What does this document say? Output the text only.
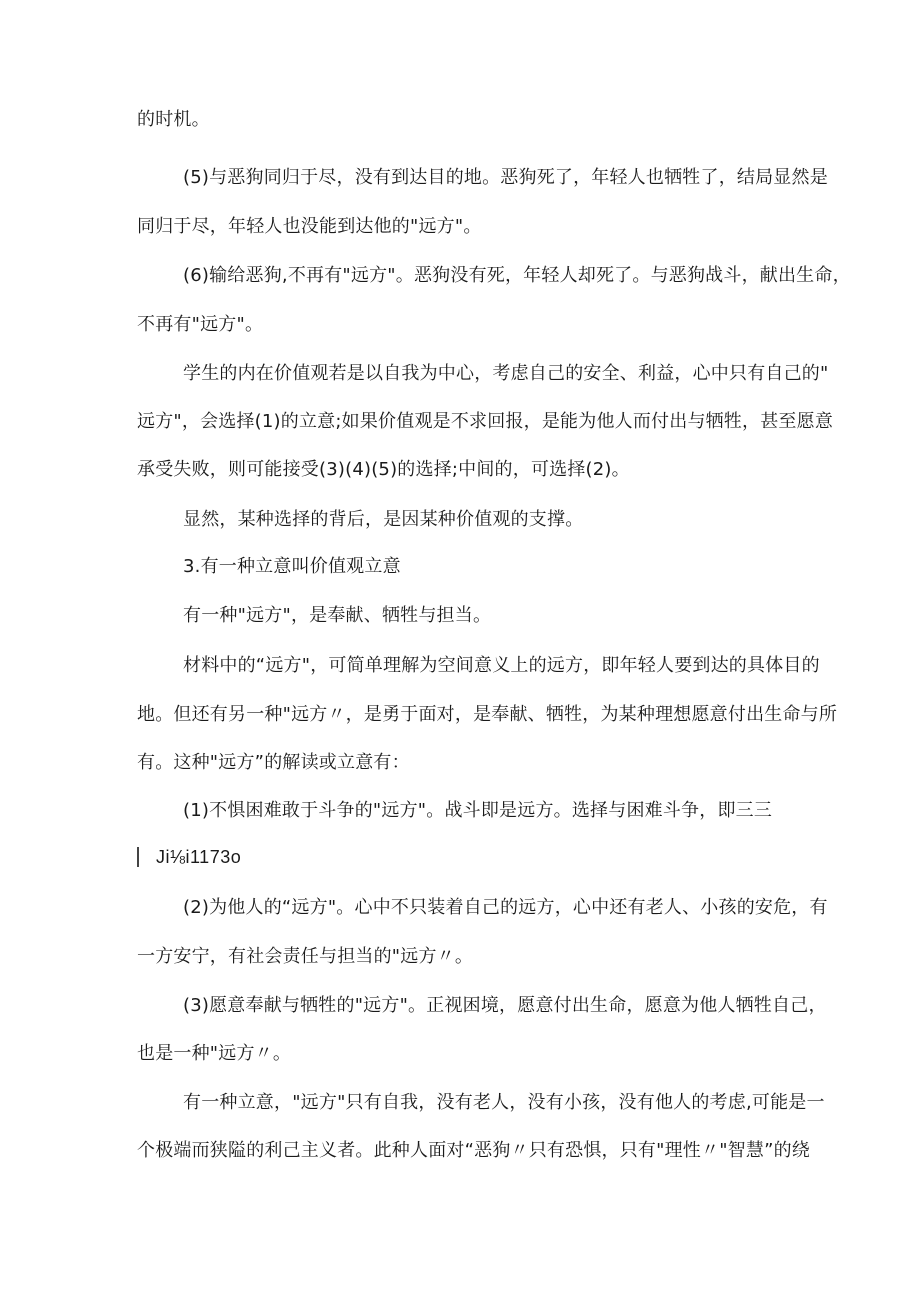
的时机。
(5)与恶狗同归于尽，没有到达目的地。恶狗死了，年轻人也牺牲了，结局显然是
同归于尽，年轻人也没能到达他的"远方"。
(6)输给恶狗,不再有"远方"。恶狗没有死，年轻人却死了。与恶狗战斗，献出生命，
不再有"远方"。
学生的内在价值观若是以自我为中心，考虑自己的安全、利益，心中只有自己的"
远方"，会选择(1)的立意;如果价值观是不求回报，是能为他人而付出与牺牲，甚至愿意
承受失败，则可能接受(3)(4)(5)的选择;中间的，可选择(2)。
显然，某种选择的背后，是因某种价值观的支撑。
3.有一种立意叫价值观立意
有一种"远方"，是奉献、牺牲与担当。
材料中的“远方"，可简单理解为空间意义上的远方，即年轻人要到达的具体目的
地。但还有另一种"远方〃，是勇于面对，是奉献、牺牲，为某种理想愿意付出生命与所
有。这种"远方”的解读或立意有：
(1)不惧困难敢于斗争的"远方"。战斗即是远方。选择与困难斗争，即三三
Ji⅛i1173o
(2)为他人的“远方"。心中不只装着自己的远方，心中还有老人、小孩的安危，有
一方安宁，有社会责任与担当的"远方〃。
(3)愿意奉献与牺牲的"远方"。正视困境，愿意付出生命，愿意为他人牺牲自己，
也是一种"远方〃。
有一种立意，"远方"只有自我，没有老人，没有小孩，没有他人的考虑,可能是一
个极端而狭隘的利己主义者。此种人面对“恶狗〃只有恐惧，只有"理性〃"智慧”的绕
